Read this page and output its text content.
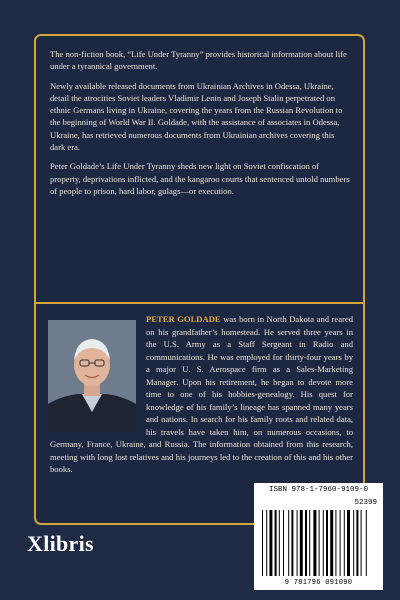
The non-fiction book, “Life Under Tyranny” provides historical information about life under a tyrannical government.

Newly available released documents from Ukrainian Archives in Odessa, Ukraine, detail the atrocities Soviet leaders Vladimir Lenin and Joseph Stalin perpetrated on ethnic Germans living in Ukraine, covering the years from the Russian Revolution to the beginning of World War II. Goldade, with the assistance of associates in Odessa, Ukraine, has retrieved numerous documents from Ukrainian archives covering this dark era.

Peter Goldade’s Life Under Tyranny sheds new light on Soviet confiscation of property, deprivations inflicted, and the kangaroo courts that sentenced untold numbers of people to prison, hard labor, gulags—or execution.

PETER GOLDADE was born in North Dakota and reared on his grandfather’s homestead. He served three years in the U.S. Army as a Staff Sergeant in Radio and communications. He was employed for thirty-four years by a major U. S. Aerospace firm as a Sales-Marketing Manager. Upon his retirement, he began to devote more time to one of his hobbies-genealogy. His quest for knowledge of his family’s lineage has spanned many years and nations. In search for his family roots and related data, his travels have taken him, on numerous occasions, to Germany, France, Ukraine, and Russia. The information obtained from this research, meeting with long lost relatives and his journeys led to the creation of this and his other books.
Xlibris
ISBN 978-1-7960-9109-0
52399
9 781796 091090
